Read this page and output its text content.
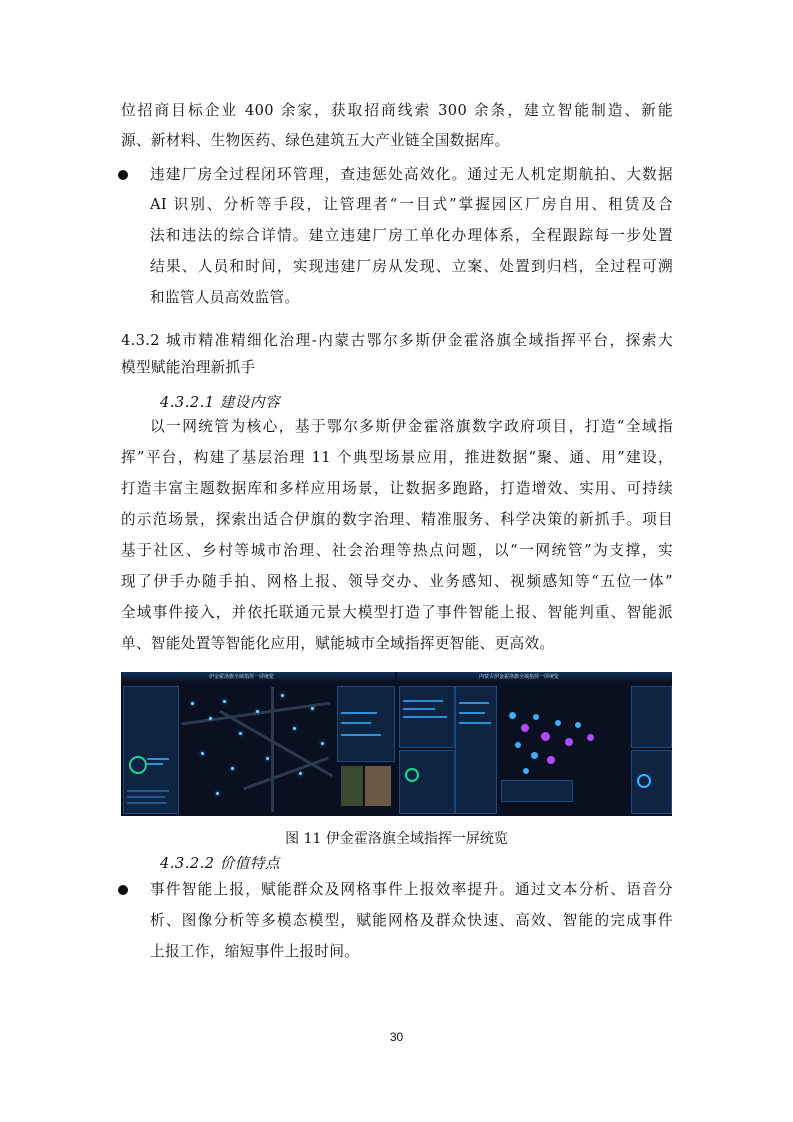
位招商目标企业 400 余家，获取招商线索 300 余条，建立智能制造、新能
源、新材料、生物医药、绿色建筑五大产业链全国数据库。
违建厂房全过程闭环管理，查违惩处高效化。通过无人机定期航拍、大数据
AI 识别、分析等手段，让管理者“一目式”掌握园区厂房自用、租赁及合
法和违法的综合详情。建立违建厂房工单化办理体系，全程跟踪每一步处置
结果、人员和时间，实现违建厂房从发现、立案、处置到归档，全过程可溯
和监管人员高效监管。
4.3.2 城市精准精细化治理-内蒙古鄂尔多斯伊金霍洛旗全域指挥平台，探索大
模型赋能治理新抓手
4.3.2.1 建设内容
以一网统管为核心，基于鄂尔多斯伊金霍洛旗数字政府项目，打造“全域指
挥”平台，构建了基层治理 11 个典型场景应用，推进数据“聚、通、用”建设，
打造丰富主题数据库和多样应用场景，让数据多跑路，打造增效、实用、可持续
的示范场景，探索出适合伊旗的数字治理、精准服务、科学决策的新抓手。项目
基于社区、乡村等城市治理、社会治理等热点问题，以“一网统管”为支撑，实
现了伊手办随手拍、网格上报、领导交办、业务感知、视频感知等“五位一体”
全域事件接入，并依托联通元景大模型打造了事件智能上报、智能判重、智能派
单、智能处置等智能化应用，赋能城市全域指挥更智能、更高效。
伊金霍洛旗全域指挥一屏统览	内蒙古伊金霍洛旗全域指挥一屏统览
图 11 伊金霍洛旗全域指挥一屏统览
4.3.2.2 价值特点
事件智能上报，赋能群众及网格事件上报效率提升。通过文本分析、语音分
析、图像分析等多模态模型，赋能网格及群众快速、高效、智能的完成事件
上报工作，缩短事件上报时间。
30
